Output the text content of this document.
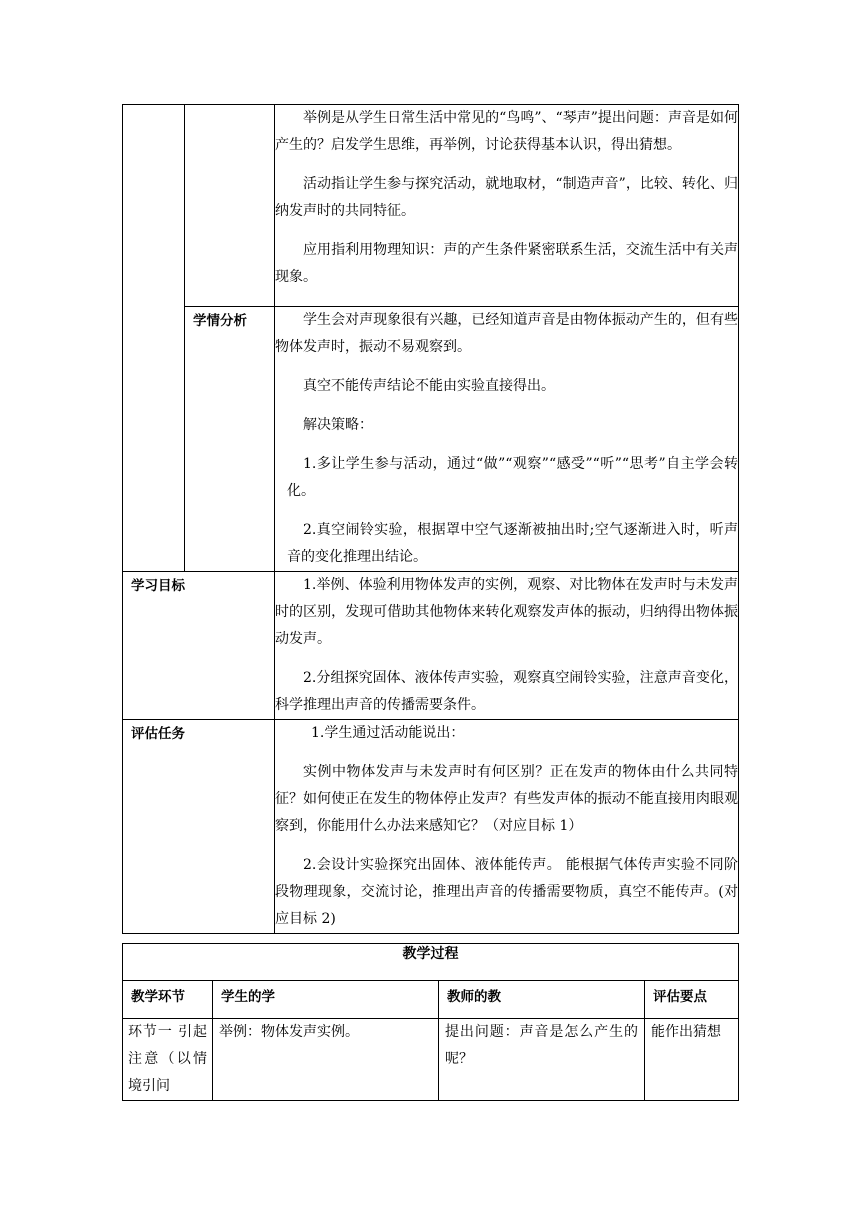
		举例是从学生日常生活中常见的“鸟鸣”、“琴声”提出问题：声音是如何产生的？启发学生思维，再举例，讨论获得基本认识，得出猜想。

活动指让学生参与探究活动，就地取材，“制造声音”，比较、转化、归纳发声时的共同特征。

应用指利用物理知识：声的产生条件紧密联系生活，交流生活中有关声现象。

	学情分析	学生会对声现象很有兴趣，已经知道声音是由物体振动产生的，但有些物体发声时，振动不易观察到。

真空不能传声结论不能由实验直接得出。

解决策略：

1.多让学生参与活动，通过“做”“观察”“感受”“听”“思考”自主学会转化。

2.真空闹铃实验，根据罩中空气逐渐被抽出时;空气逐渐进入时，听声音的变化推理出结论。

学习目标		1.举例、体验利用物体发声的实例，观察、对比物体在发声时与未发声时的区别，发现可借助其他物体来转化观察发声体的振动，归纳得出物体振动发声。

2.分组探究固体、液体传声实验，观察真空闹铃实验，注意声音变化，科学推理出声音的传播需要条件。

评估任务		1.学生通过活动能说出：

实例中物体发声与未发声时有何区别？正在发声的物体由什么共同特征？如何使正在发生的物体停止发声？有些发声体的振动不能直接用肉眼观察到，你能用什么办法来感知它？（对应目标 1）

2.会设计实验探究出固体、液体能传声。 能根据气体传声实验不同阶段物理现象，交流讨论，推理出声音的传播需要物质，真空不能传声。(对应目标 2)

教学过程			
教学环节	学生的学	教师的教	评估要点

环节一 引起注意（以情境引问	举例：物体发声实例。	提出问题：声音是怎么产生的呢？	能作出猜想
